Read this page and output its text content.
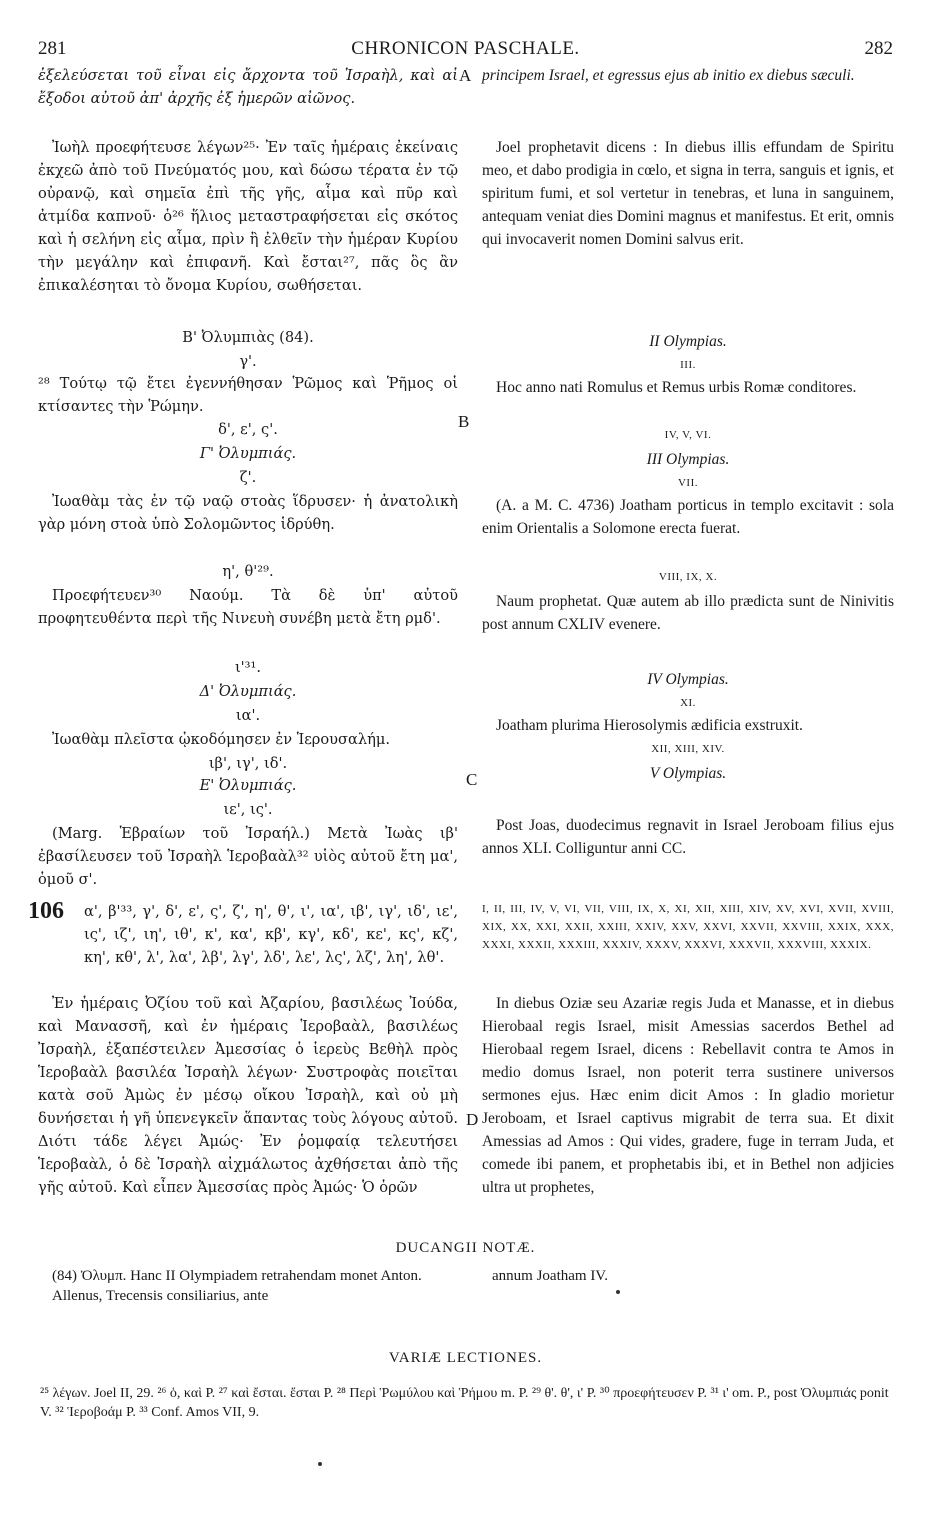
281	CHRONICON PASCHALE.	282
A
B
C
D
ἐξελεύσεται τοῦ εἶναι εἰς ἄρχοντα τοῦ Ἰσραὴλ, καὶ αἱ ἔξοδοι αὐτοῦ ἀπ' ἀρχῆς ἐξ ἡμερῶν αἰῶνος.
Ἰωὴλ προεφήτευσε λέγων²⁵· Ἐν ταῖς ἡμέραις ἐκείναις ἐκχεῶ ἀπὸ τοῦ Πνεύματός μου, καὶ δώσω τέρατα ἐν τῷ οὐρανῷ, καὶ σημεῖα ἐπὶ τῆς γῆς, αἷμα καὶ πῦρ καὶ ἀτμίδα καπνοῦ· ὁ²⁶ ἥλιος μεταστραφήσεται εἰς σκότος καὶ ἡ σελήνη εἰς αἷμα, πρὶν ἢ ἐλθεῖν τὴν ἡμέραν Κυρίου τὴν μεγάλην καὶ ἐπιφανῆ. Καὶ ἔσται²⁷, πᾶς ὃς ἂν ἐπικαλέσηται τὸ ὄνομα Κυρίου, σωθήσεται.
Β' Ὀλυμπιὰς (84).
γ'.
²⁸ Τούτῳ τῷ ἔτει ἐγεννήθησαν Ῥῶμος καὶ Ῥῆμος οἱ κτίσαντες τὴν Ῥώμην.
δ', ε', ς'.
Γ' Ὀλυμπιάς.
ζ'.
Ἰωαθὰμ τὰς ἐν τῷ ναῷ στοὰς ἵδρυσεν· ἡ ἀνατολικὴ γὰρ μόνη στοὰ ὑπὸ Σολομῶντος ἱδρύθη.
η', θ'²⁹.
Προεφήτευεν³⁰ Ναούμ. Τὰ δὲ ὑπ' αὐτοῦ προφητευθέντα περὶ τῆς Νινευὴ συνέβη μετὰ ἔτη ρμδ'.
ι'³¹.
Δ' Ὀλυμπιάς.
ια'.
Ἰωαθὰμ πλεῖστα ᾠκοδόμησεν ἐν Ἱερουσαλήμ.
ιβ', ιγ', ιδ'.
Ε' Ὀλυμπιάς.
ιε', ις'.
(Marg. Ἑβραίων τοῦ Ἰσραήλ.) Μετὰ Ἰωὰς ιβ' ἐβασίλευσεν τοῦ Ἰσραὴλ Ἱεροβαὰλ³² υἱὸς αὐτοῦ ἔτη μα', ὁμοῦ σ'.
106	α', β'³³, γ', δ', ε', ς', ζ', η', θ', ι', ια', ιβ', ιγ', ιδ', ιε', ις', ιζ', ιη', ιθ', κ', κα', κβ', κγ', κδ', κε', κς', κζ', κη', κθ', λ', λα', λβ', λγ', λδ', λε', λς', λζ', λη', λθ'.
Ἐν ἡμέραις Ὀζίου τοῦ καὶ Ἀζαρίου, βασιλέως Ἰούδα, καὶ Μανασσῆ, καὶ ἐν ἡμέραις Ἱεροβαὰλ, βασιλέως Ἰσραὴλ, ἐξαπέστειλεν Ἀμεσσίας ὁ ἱερεὺς Βεθὴλ πρὸς Ἱεροβαὰλ βασιλέα Ἰσραὴλ λέγων· Συστροφὰς ποιεῖται κατὰ σοῦ Ἀμὼς ἐν μέσῳ οἴκου Ἰσραὴλ, καὶ οὐ μὴ δυνήσεται ἡ γῆ ὑπενεγκεῖν ἅπαντας τοὺς λόγους αὐτοῦ. Διότι τάδε λέγει Ἀμώς· Ἐν ῥομφαίᾳ τελευτήσει Ἱεροβαὰλ, ὁ δὲ Ἰσραὴλ αἰχμάλωτος ἀχθήσεται ἀπὸ τῆς γῆς αὐτοῦ. Καὶ εἶπεν Ἀμεσσίας πρὸς Ἀμώς· Ὁ ὁρῶν
principem Israel, et egressus ejus ab initio ex diebus sæculi.
Joel prophetavit dicens : In diebus illis effundam de Spiritu meo, et dabo prodigia in cœlo, et signa in terra, sanguis et ignis, et spiritum fumi, et sol vertetur in tenebras, et luna in sanguinem, antequam veniat dies Domini magnus et manifestus. Et erit, omnis qui invocaverit nomen Domini salvus erit.
II Olympias.
III.
Hoc anno nati Romulus et Remus urbis Romæ conditores.
IV, V, VI.
III Olympias.
VII.
(A. a M. C. 4736) Joatham porticus in templo excitavit : sola enim Orientalis a Solomone erecta fuerat.
VIII, IX, X.
Naum prophetat. Quæ autem ab illo prædicta sunt de Ninivitis post annum CXLIV evenere.
IV Olympias.
XI.
Joatham plurima Hierosolymis ædificia exstruxit.
XII, XIII, XIV.
V Olympias.
Post Joas, duodecimus regnavit in Israel Jeroboam filius ejus annos XLI. Colliguntur anni CC.
I, II, III, IV, V, VI, VII, VIII, IX, X, XI, XII, XIII, XIV, XV, XVI, XVII, XVIII, XIX, XX, XXI, XXII, XXIII, XXIV, XXV, XXVI, XXVII, XXVIII, XXIX, XXX, XXXI, XXXII, XXXIII, XXXIV, XXXV, XXXVI, XXXVII, XXXVIII, XXXIX.
In diebus Oziæ seu Azariæ regis Juda et Manasse, et in diebus Hierobaal regis Israel, misit Amessias sacerdos Bethel ad Hierobaal regem Israel, dicens : Rebellavit contra te Amos in medio domus Israel, non poterit terra sustinere universos sermones ejus. Hæc enim dicit Amos : In gladio morietur Jeroboam, et Israel captivus migrabit de terra sua. Et dixit Amessias ad Amos : Qui vides, gradere, fuge in terram Juda, et comede ibi panem, et prophetabis ibi, et in Bethel non adjicies ultra ut prophetes,
DUCANGII NOTÆ.
(84) Ὀλυμπ. Hanc II Olympiadem retrahendam monet Anton. Allenus, Trecensis consiliarius, ante
annum Joatham IV.
VARIÆ LECTIONES.
²⁵ λέγων. Joel II, 29. ²⁶ ὁ, καὶ P. ²⁷ καὶ ἔσται. ἔσται P. ²⁸ Περὶ Ῥωμύλου καὶ Ῥήμου m. P. ²⁹ θ'. θ', ι' P. ³⁰ προεφήτευσεν P. ³¹ ι' om. P., post Ὀλυμπιάς ponit V. ³² Ἱεροβοάμ P. ³³ Conf. Amos VII, 9.
